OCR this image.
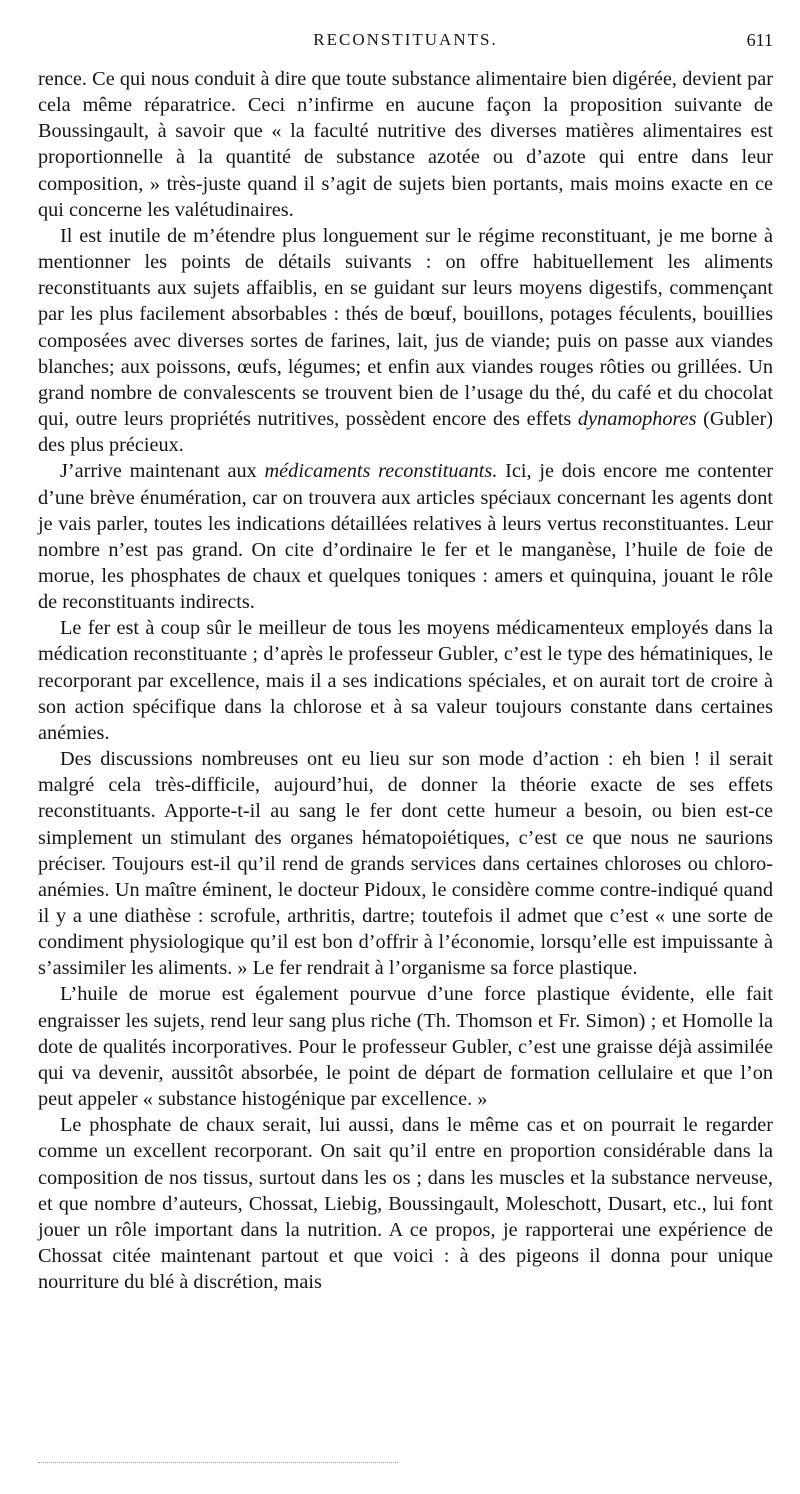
RECONSTITUANTS.	611

rence. Ce qui nous conduit à dire que toute substance alimentaire bien digérée, devient par cela même réparatrice. Ceci n’infirme en aucune façon la proposition suivante de Boussingault, à savoir que « la faculté nutritive des diverses matières alimentaires est proportionnelle à la quantité de substance azotée ou d’azote qui entre dans leur composition, » très-juste quand il s’agit de sujets bien portants, mais moins exacte en ce qui concerne les valétudinaires.

Il est inutile de m’étendre plus longuement sur le régime reconstituant, je me borne à mentionner les points de détails suivants : on offre habituellement les aliments reconstituants aux sujets affaiblis, en se guidant sur leurs moyens digestifs, commençant par les plus facilement absorbables : thés de bœuf, bouillons, potages féculents, bouillies composées avec diverses sortes de farines, lait, jus de viande; puis on passe aux viandes blanches; aux poissons, œufs, légumes; et enfin aux viandes rouges rôties ou grillées. Un grand nombre de convalescents se trouvent bien de l’usage du thé, du café et du chocolat qui, outre leurs propriétés nutritives, possèdent encore des effets dynamophores (Gubler) des plus précieux.

J’arrive maintenant aux médicaments reconstituants. Ici, je dois encore me contenter d’une brève énumération, car on trouvera aux articles spéciaux concernant les agents dont je vais parler, toutes les indications détaillées relatives à leurs vertus reconstituantes. Leur nombre n’est pas grand. On cite d’ordinaire le fer et le manganèse, l’huile de foie de morue, les phosphates de chaux et quelques toniques : amers et quinquina, jouant le rôle de reconstituants indirects.

Le fer est à coup sûr le meilleur de tous les moyens médicamenteux employés dans la médication reconstituante ; d’après le professeur Gubler, c’est le type des hématiniques, le recorporant par excellence, mais il a ses indications spéciales, et on aurait tort de croire à son action spécifique dans la chlorose et à sa valeur toujours constante dans certaines anémies.

Des discussions nombreuses ont eu lieu sur son mode d’action : eh bien ! il serait malgré cela très-difficile, aujourd’hui, de donner la théorie exacte de ses effets reconstituants. Apporte-t-il au sang le fer dont cette humeur a besoin, ou bien est-ce simplement un stimulant des organes hématopoiétiques, c’est ce que nous ne saurions préciser. Toujours est-il qu’il rend de grands services dans certaines chloroses ou chloro-anémies. Un maître éminent, le docteur Pidoux, le considère comme contre-indiqué quand il y a une diathèse : scrofule, arthritis, dartre; toutefois il admet que c’est « une sorte de condiment physiologique qu’il est bon d’offrir à l’économie, lorsqu’elle est impuissante à s’assimiler les aliments. » Le fer rendrait à l’organisme sa force plastique.

L’huile de morue est également pourvue d’une force plastique évidente, elle fait engraisser les sujets, rend leur sang plus riche (Th. Thomson et Fr. Simon) ; et Homolle la dote de qualités incorporatives. Pour le professeur Gubler, c’est une graisse déjà assimilée qui va devenir, aussitôt absorbée, le point de départ de formation cellulaire et que l’on peut appeler « substance histogénique par excellence. »

Le phosphate de chaux serait, lui aussi, dans le même cas et on pourrait le regarder comme un excellent recorporant. On sait qu’il entre en proportion considérable dans la composition de nos tissus, surtout dans les os ; dans les muscles et la substance nerveuse, et que nombre d’auteurs, Chossat, Liebig, Boussingault, Moleschott, Dusart, etc., lui font jouer un rôle important dans la nutrition. A ce propos, je rapporterai une expérience de Chossat citée maintenant partout et que voici : à des pigeons il donna pour unique nourriture du blé à discrétion, mais
